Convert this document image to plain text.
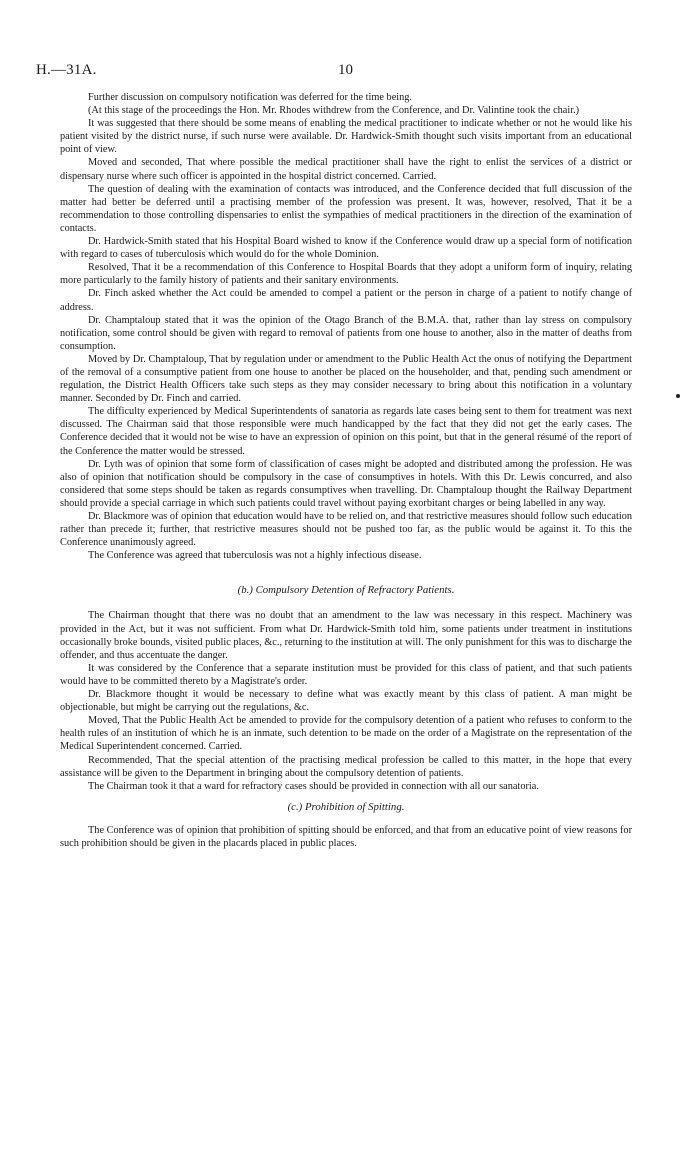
H.—31A.	10

Further discussion on compulsory notification was deferred for the time being.

(At this stage of the proceedings the Hon. Mr. Rhodes withdrew from the Conference, and Dr. Valintine took the chair.)

It was suggested that there should be some means of enabling the medical practitioner to indicate whether or not he would like his patient visited by the district nurse, if such nurse were available. Dr. Hardwick-Smith thought such visits important from an educational point of view.

Moved and seconded, That where possible the medical practitioner shall have the right to enlist the services of a district or dispensary nurse where such officer is appointed in the hospital district concerned. Carried.

The question of dealing with the examination of contacts was introduced, and the Conference decided that full discussion of the matter had better be deferred until a practising member of the profession was present. It was, however, resolved, That it be a recommendation to those controlling dispensaries to enlist the sympathies of medical practitioners in the direction of the examination of contacts.

Dr. Hardwick-Smith stated that his Hospital Board wished to know if the Conference would draw up a special form of notification with regard to cases of tuberculosis which would do for the whole Dominion.

Resolved, That it be a recommendation of this Conference to Hospital Boards that they adopt a uniform form of inquiry, relating more particularly to the family history of patients and their sanitary environments.

Dr. Finch asked whether the Act could be amended to compel a patient or the person in charge of a patient to notify change of address.

Dr. Champtaloup stated that it was the opinion of the Otago Branch of the B.M.A. that, rather than lay stress on compulsory notification, some control should be given with regard to removal of patients from one house to another, also in the matter of deaths from consumption.

Moved by Dr. Champtaloup, That by regulation under or amendment to the Public Health Act the onus of notifying the Department of the removal of a consumptive patient from one house to another be placed on the householder, and that, pending such amendment or regulation, the District Health Officers take such steps as they may consider necessary to bring about this notification in a voluntary manner. Seconded by Dr. Finch and carried.

The difficulty experienced by Medical Superintendents of sanatoria as regards late cases being sent to them for treatment was next discussed. The Chairman said that those responsible were much handicapped by the fact that they did not get the early cases. The Conference decided that it would not be wise to have an expression of opinion on this point, but that in the general résumé of the report of the Conference the matter would be stressed.

Dr. Lyth was of opinion that some form of classification of cases might be adopted and distributed among the profession. He was also of opinion that notification should be compulsory in the case of consumptives in hotels. With this Dr. Lewis concurred, and also considered that some steps should be taken as regards consumptives when travelling. Dr. Champtaloup thought the Railway Department should provide a special carriage in which such patients could travel without paying exorbitant charges or being labelled in any way.

Dr. Blackmore was of opinion that education would have to be relied on, and that restrictive measures should follow such education rather than precede it; further, that restrictive measures should not be pushed too far, as the public would be against it. To this the Conference unanimously agreed.

The Conference was agreed that tuberculosis was not a highly infectious disease.

(b.) Compulsory Detention of Refractory Patients.

The Chairman thought that there was no doubt that an amendment to the law was necessary in this respect. Machinery was provided in the Act, but it was not sufficient. From what Dr. Hardwick-Smith told him, some patients under treatment in institutions occasionally broke bounds, visited public places, &c., returning to the institution at will. The only punishment for this was to discharge the offender, and thus accentuate the danger.

It was considered by the Conference that a separate institution must be provided for this class of patient, and that such patients would have to be committed thereto by a Magistrate's order.

Dr. Blackmore thought it would be necessary to define what was exactly meant by this class of patient. A man might be objectionable, but might be carrying out the regulations, &c.

Moved, That the Public Health Act be amended to provide for the compulsory detention of a patient who refuses to conform to the health rules of an institution of which he is an inmate, such detention to be made on the order of a Magistrate on the representation of the Medical Superintendent concerned. Carried.

Recommended, That the special attention of the practising medical profession be called to this matter, in the hope that every assistance will be given to the Department in bringing about the compulsory detention of patients.

The Chairman took it that a ward for refractory cases should be provided in connection with all our sanatoria.

(c.) Prohibition of Spitting.

The Conference was of opinion that prohibition of spitting should be enforced, and that from an educative point of view reasons for such prohibition should be given in the placards placed in public places.
